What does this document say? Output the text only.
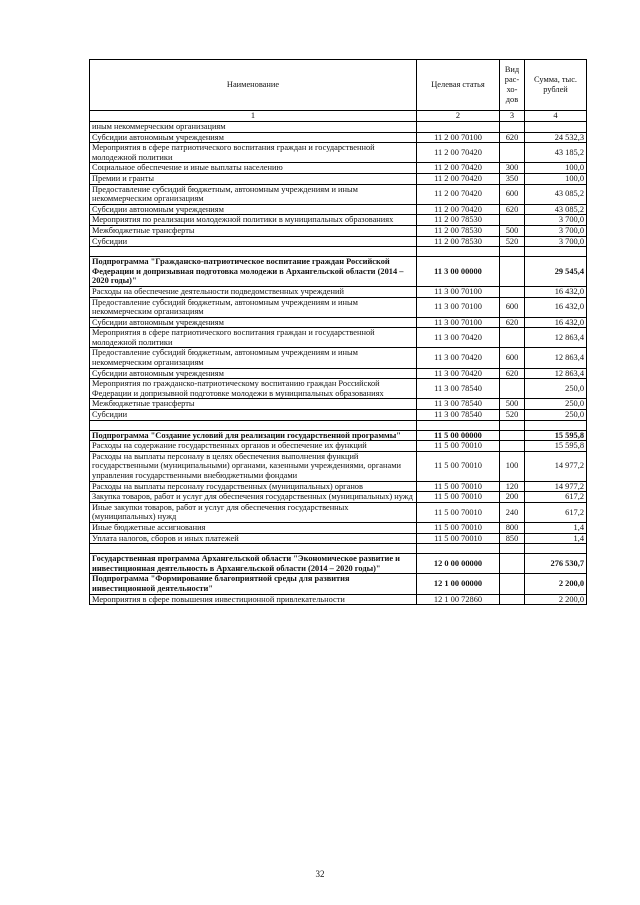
Наименование	Целевая статья	Вид рас-хо-дов	Сумма, тыс. рублей
1	2	3	4
иным некоммерческим организациям			
Субсидии автономным учреждениям	11 2 00 70100	620	24 532,3
Мероприятия в сфере патриотического воспитания граждан и государственной молодежной политики	11 2 00 70420		43 185,2
Социальное обеспечение и иные выплаты населению	11 2 00 70420	300	100,0
Премии и гранты	11 2 00 70420	350	100,0
Предоставление субсидий бюджетным, автономным учреждениям и иным некоммерческим организациям	11 2 00 70420	600	43 085,2
Субсидии автономным учреждениям	11 2 00 70420	620	43 085,2
Мероприятия по реализации молодежной политики в муниципальных образованиях	11 2 00 78530		3 700,0
Межбюджетные трансферты	11 2 00 78530	500	3 700,0
Субсидии	11 2 00 78530	520	3 700,0

Подпрограмма "Гражданско-патриотическое воспитание граждан Российской Федерации и допризывная подготовка молодежи в Архангельской области (2014 – 2020 годы)"	11 3 00 00000		29 545,4
Расходы на обеспечение деятельности подведомственных учреждений	11 3 00 70100		16 432,0
Предоставление субсидий бюджетным, автономным учреждениям и иным некоммерческим организациям	11 3 00 70100	600	16 432,0
Субсидии автономным учреждениям	11 3 00 70100	620	16 432,0
Мероприятия в сфере патриотического воспитания граждан и государственной молодежной политики	11 3 00 70420		12 863,4
Предоставление субсидий бюджетным, автономным учреждениям и иным некоммерческим организациям	11 3 00 70420	600	12 863,4
Субсидии автономным учреждениям	11 3 00 70420	620	12 863,4
Мероприятия по гражданско-патриотическому воспитанию граждан Российской Федерации и допризывной подготовке молодежи в муниципальных образованиях	11 3 00 78540		250,0
Межбюджетные трансферты	11 3 00 78540	500	250,0
Субсидии	11 3 00 78540	520	250,0

Подпрограмма "Создание условий для реализации государственной программы"	11 5 00 00000		15 595,8
Расходы на содержание государственных органов и обеспечение их функций	11 5 00 70010		15 595,8
Расходы на выплаты персоналу в целях обеспечения выполнения функций государственными (муниципальными) органами, казенными учреждениями, органами управления государственными внебюджетными фондами	11 5 00 70010	100	14 977,2
Расходы на выплаты персоналу государственных (муниципальных) органов	11 5 00 70010	120	14 977,2
Закупка товаров, работ и услуг для обеспечения государственных (муниципальных) нужд	11 5 00 70010	200	617,2
Иные закупки товаров, работ и услуг для обеспечения государственных (муниципальных) нужд	11 5 00 70010	240	617,2
Иные бюджетные ассигнования	11 5 00 70010	800	1,4
Уплата налогов, сборов и иных платежей	11 5 00 70010	850	1,4

Государственная программа Архангельской области "Экономическое развитие и инвестиционная деятельность в Архангельской области (2014 – 2020 годы)"	12 0 00 00000		276 530,7
Подпрограмма "Формирование благоприятной среды для развития инвестиционной деятельности"	12 1 00 00000		2 200,0
Мероприятия в сфере повышения инвестиционной привлекательности	12 1 00 72860		2 200,0
32
